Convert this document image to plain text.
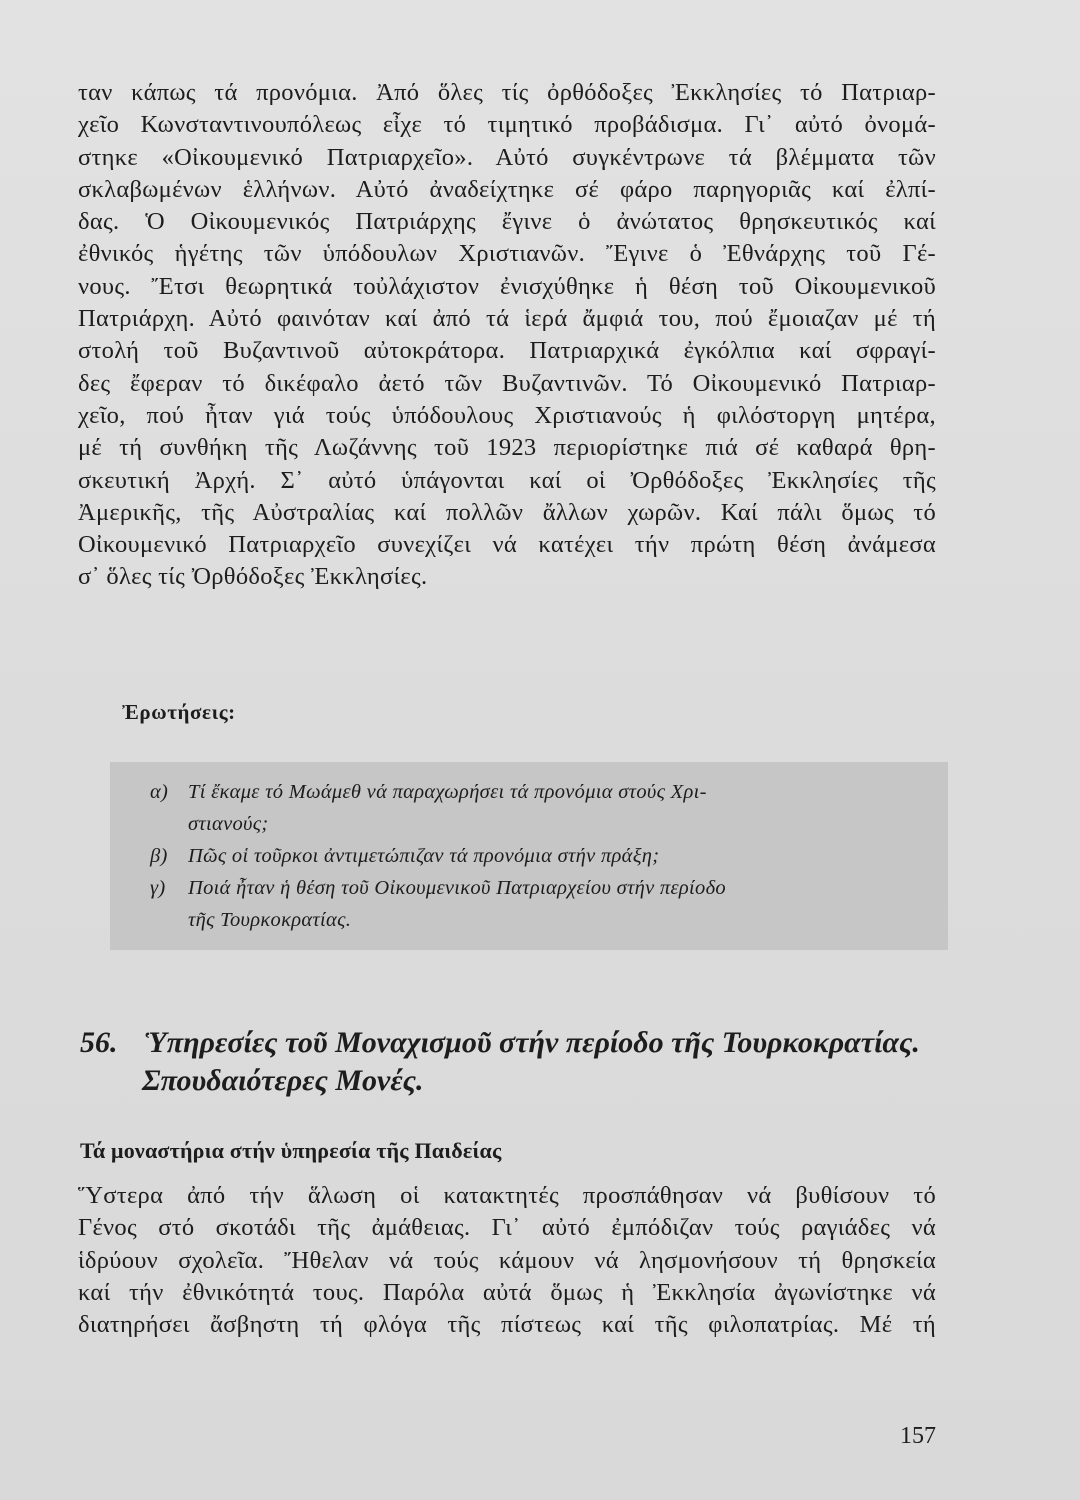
ταν κάπως τά προνόμια. Ἀπό ὅλες τίς ὀρθόδοξες Ἐκκλησίες τό Πατριαρ-
χεῖο Κωνσταντινουπόλεως εἶχε τό τιμητικό προβάδισμα. Γι᾿ αὐτό ὀνομά-
στηκε «Οἰκουμενικό Πατριαρχεῖο». Αὐτό συγκέντρωνε τά βλέμματα τῶν
σκλαβωμένων ἑλλήνων. Αὐτό ἀναδείχτηκε σέ φάρο παρηγοριᾶς καί ἐλπί-
δας. Ὁ Οἰκουμενικός Πατριάρχης ἔγινε ὁ ἀνώτατος θρησκευτικός καί
ἐθνικός ἡγέτης τῶν ὑπόδουλων Χριστιανῶν. Ἔγινε ὁ Ἐθνάρχης τοῦ Γέ-
νους. Ἔτσι θεωρητικά τοὐλάχιστον ἐνισχύθηκε ἡ θέση τοῦ Οἰκουμενικοῦ
Πατριάρχη. Αὐτό φαινόταν καί ἀπό τά ἱερά ἄμφιά του, πού ἔμοιαζαν μέ τή
στολή τοῦ Βυζαντινοῦ αὐτοκράτορα. Πατριαρχικά ἐγκόλπια καί σφραγί-
δες ἔφεραν τό δικέφαλο ἀετό τῶν Βυζαντινῶν. Τό Οἰκουμενικό Πατριαρ-
χεῖο, πού ἦταν γιά τούς ὑπόδουλους Χριστιανούς ἡ φιλόστοργη μητέρα,
μέ τή συνθήκη τῆς Λωζάννης τοῦ 1923 περιορίστηκε πιά σέ καθαρά θρη-
σκευτική Ἀρχή. Σ᾿ αὐτό ὑπάγονται καί οἱ Ὀρθόδοξες Ἐκκλησίες τῆς
Ἀμερικῆς, τῆς Αὐστραλίας καί πολλῶν ἄλλων χωρῶν. Καί πάλι ὅμως τό
Οἰκουμενικό Πατριαρχεῖο συνεχίζει νά κατέχει τήν πρώτη θέση ἀνάμεσα
σ᾿ ὅλες τίς Ὀρθόδοξες Ἐκκλησίες.
Ἐρωτήσεις:
α) Τί ἔκαμε τό Μωάμεθ νά παραχωρήσει τά προνόμια στούς Χρι-
στιανούς;
β) Πῶς οἱ τοῦρκοι ἀντιμετώπιζαν τά προνόμια στήν πράξη;
γ) Ποιά ἦταν ἡ θέση τοῦ Οἰκουμενικοῦ Πατριαρχείου στήν περίοδο
τῆς Τουρκοκρατίας.
56. Ὑπηρεσίες τοῦ Μοναχισμοῦ στήν περίοδο τῆς Τουρκοκρατίας.
Σπουδαιότερες Μονές.
Τά μοναστήρια στήν ὑπηρεσία τῆς Παιδείας
Ὕστερα ἀπό τήν ἅλωση οἱ κατακτητές προσπάθησαν νά βυθίσουν τό
Γένος στό σκοτάδι τῆς ἀμάθειας. Γι᾿ αὐτό ἐμπόδιζαν τούς ραγιάδες νά
ἱδρύουν σχολεῖα. Ἤθελαν νά τούς κάμουν νά λησμονήσουν τή θρησκεία
καί τήν ἐθνικότητά τους. Παρόλα αὐτά ὅμως ἡ Ἐκκλησία ἀγωνίστηκε νά
διατηρήσει ἄσβηστη τή φλόγα τῆς πίστεως καί τῆς φιλοπατρίας. Μέ τή
157
